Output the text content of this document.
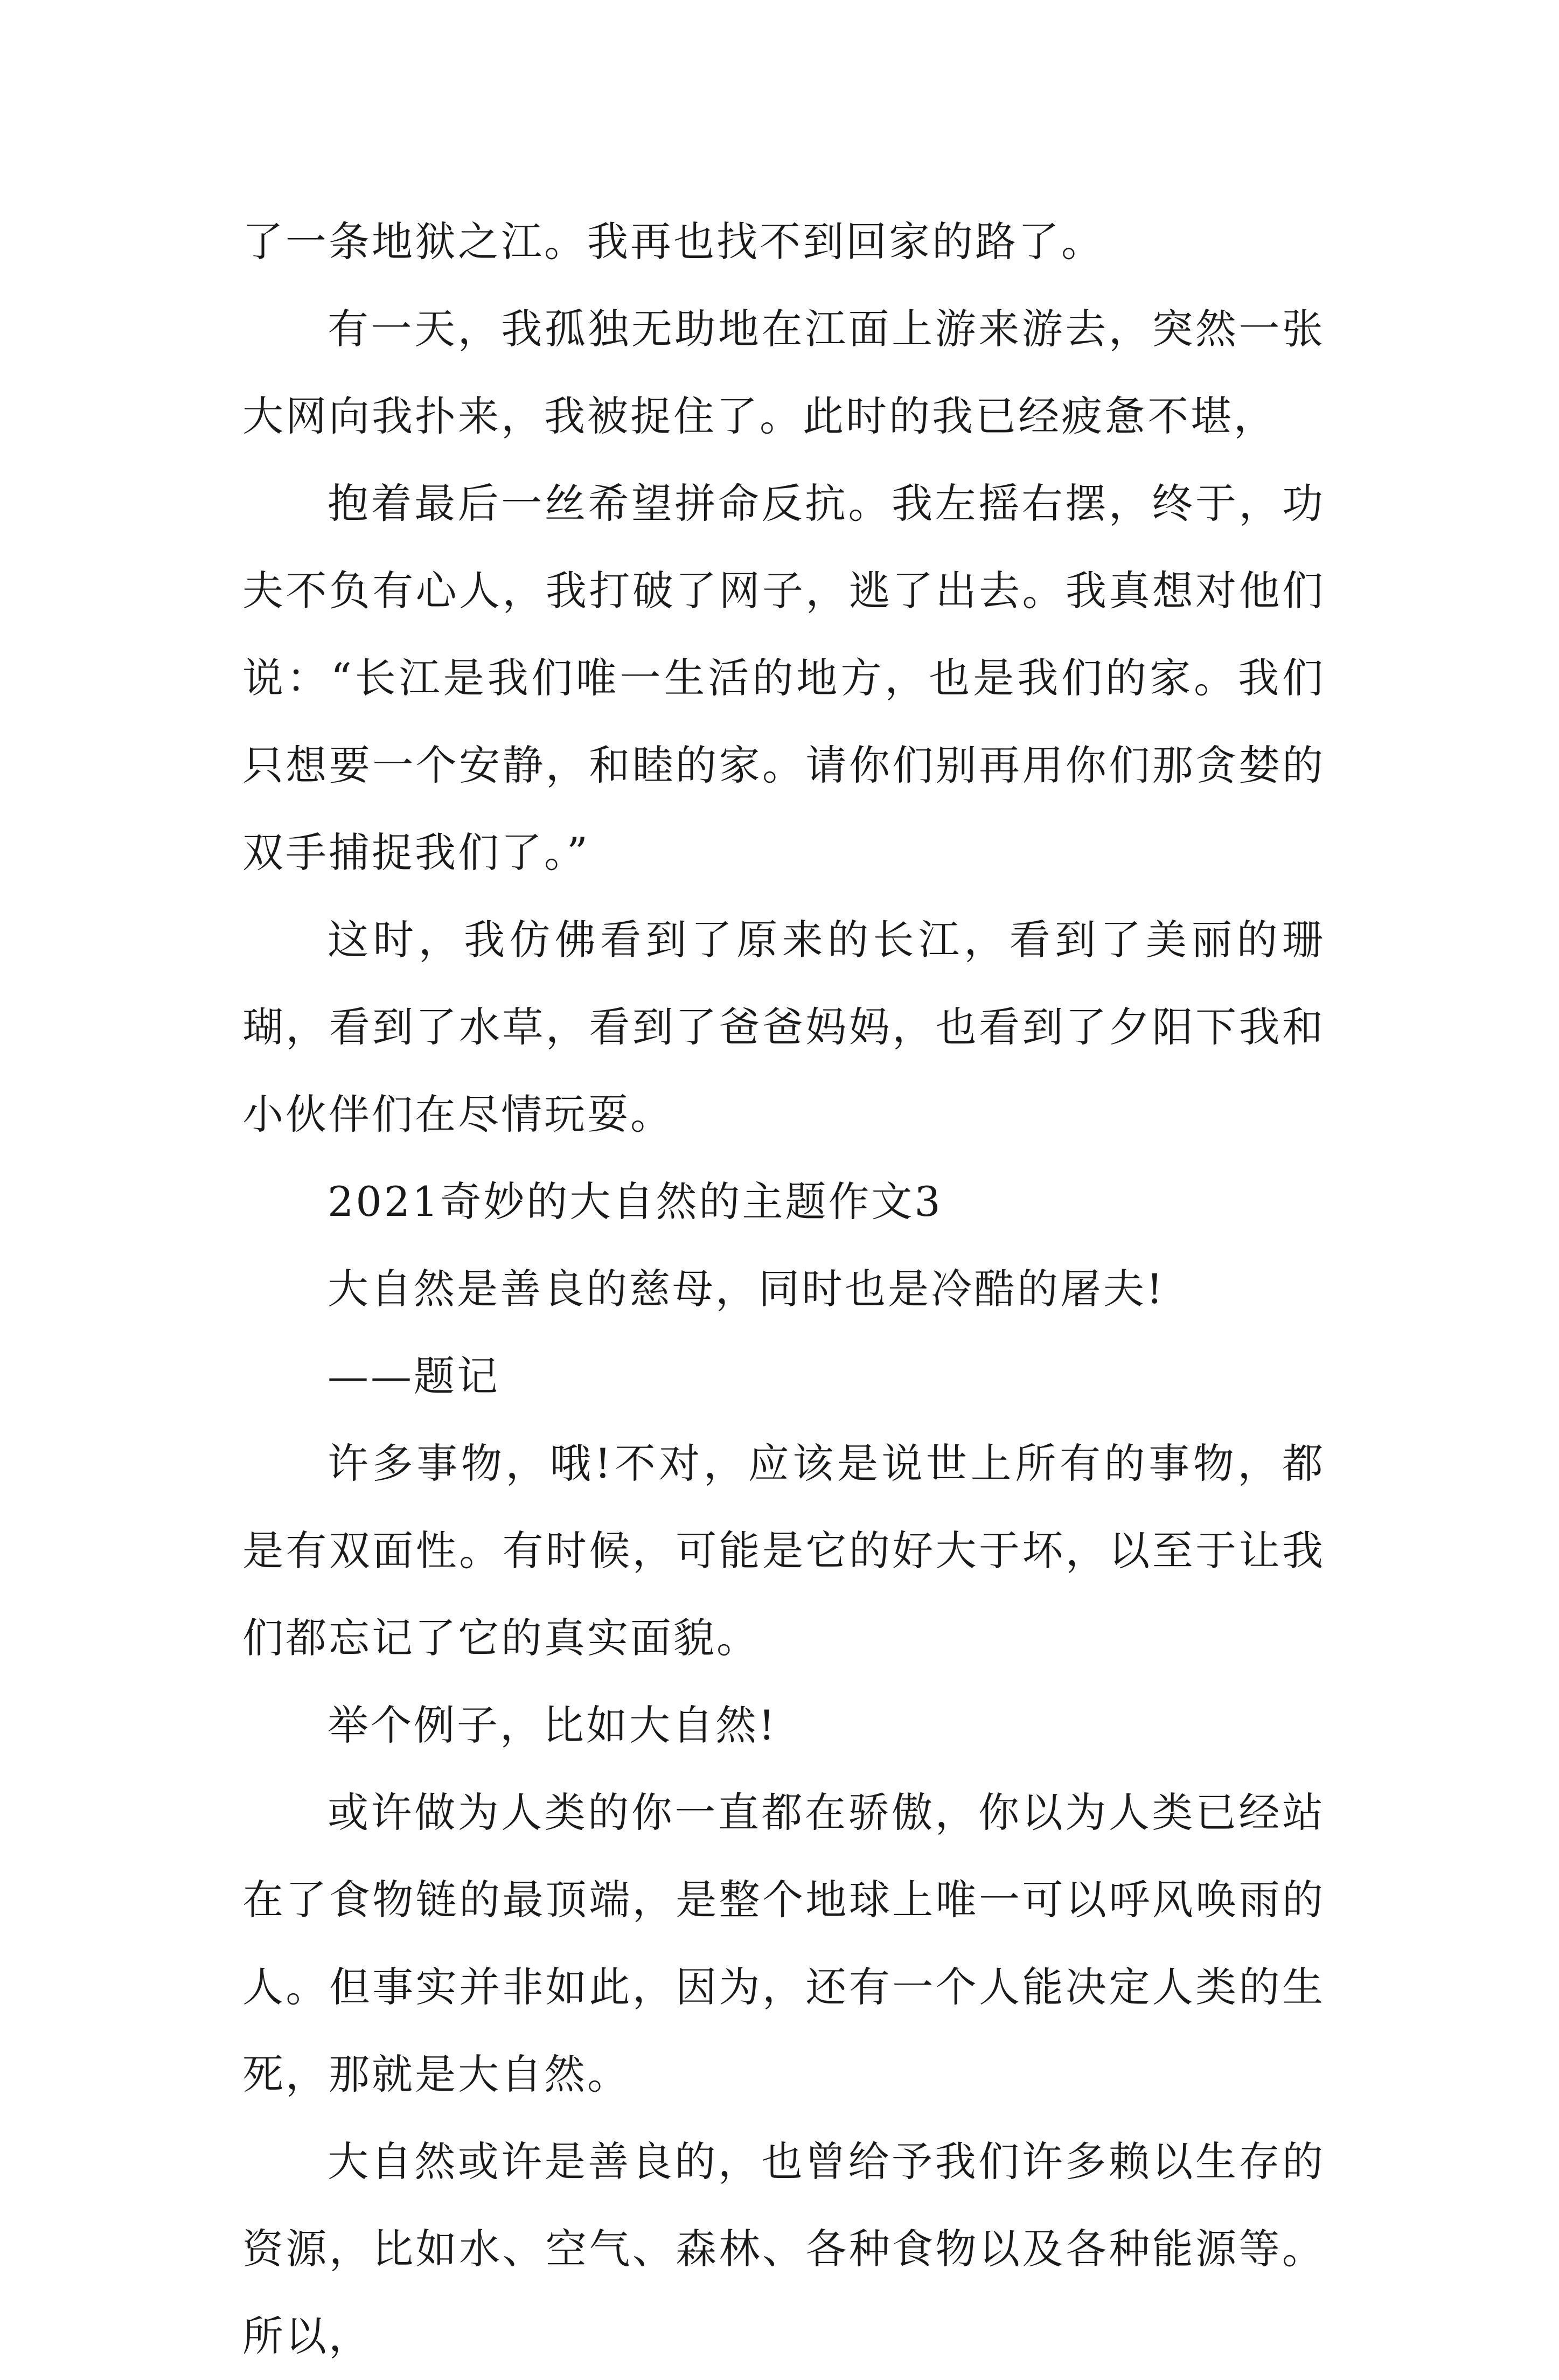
了一条地狱之江。我再也找不到回家的路了。

有一天，我孤独无助地在江面上游来游去，突然一张大网向我扑来，我被捉住了。此时的我已经疲惫不堪，

抱着最后一丝希望拼命反抗。我左摇右摆，终于，功夫不负有心人，我打破了网子，逃了出去。我真想对他们说：“长江是我们唯一生活的地方，也是我们的家。我们只想要一个安静，和睦的家。请你们别再用你们那贪婪的双手捕捉我们了。”

这时，我仿佛看到了原来的长江，看到了美丽的珊瑚，看到了水草，看到了爸爸妈妈，也看到了夕阳下我和小伙伴们在尽情玩耍。

2021奇妙的大自然的主题作文3

大自然是善良的慈母，同时也是冷酷的屠夫!

——题记

许多事物，哦!不对，应该是说世上所有的事物，都是有双面性。有时候，可能是它的好大于坏，以至于让我们都忘记了它的真实面貌。

举个例子，比如大自然!

或许做为人类的你一直都在骄傲，你以为人类已经站在了食物链的最顶端，是整个地球上唯一可以呼风唤雨的人。但事实并非如此，因为，还有一个人能决定人类的生死，那就是大自然。

大自然或许是善良的，也曾给予我们许多赖以生存的资源，比如水、空气、森林、各种食物以及各种能源等。所以，
